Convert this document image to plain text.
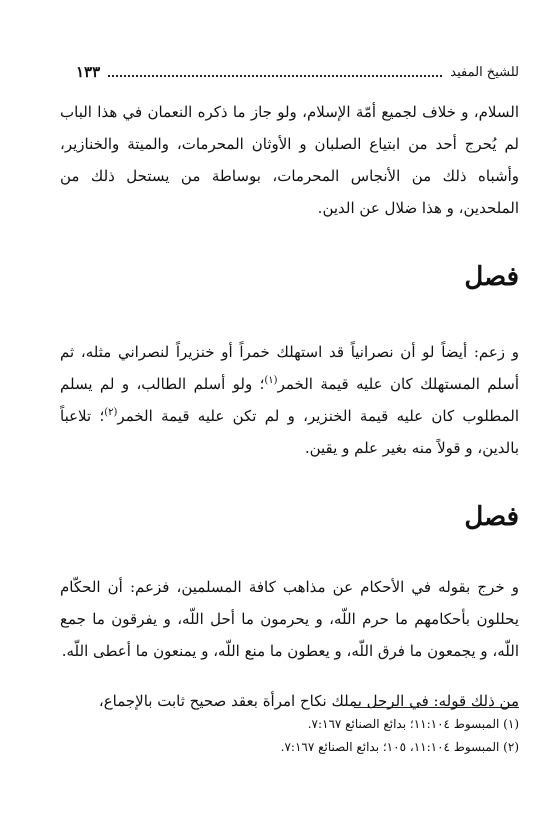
للشيخ المفيد
١٣٣

السلام، و خلاف لجميع أمّة الإسلام، ولو جاز ما ذكره النعمان في هذا الباب لم يُحرج أحد من ابتياع الصلبان و الأوثان المحرمات، والميتة والخنازير، وأشباه ذلك من الأنجاس المحرمات، بوساطة من يستحل ذلك من الملحدين، و هذا ضلال عن الدين.

فصل

و زعم: أيضاً لو أن نصرانياً قد استهلك خمراً أو خنزيراً لنصراني مثله، ثم أسلم المستهلك كان عليه قيمة الخمر$^{(١)}$؛ ولو أسلم الطالب، و لم يسلم المطلوب كان عليه قيمة الخنزير، و لم تكن عليه قيمة الخمر$^{(٢)}$؛ تلاعباً بالدين، و قولاً منه بغير علم و يقين.

فصل

و خرج بقوله في الأحكام عن مذاهب كافة المسلمين، فزعم: أن الحكّام يحللون بأحكامهم ما حرم اللّه، و يحرمون ما أحل اللّه، و يفرقون ما جمع اللّه، و يجمعون ما فرق اللّه، و يعطون ما منع اللّه، و يمنعون ما أعطى اللّه.

من ذلك قوله: في الرجل يملك نكاح امرأة بعقد صحيح ثابت بالإجماع،

(١) المبسوط ١١:١٠٤؛ بدائع الصنائع ٧:١٦٧.
(٢) المبسوط ١١:١٠٤، ١٠٥؛ بدائع الصنائع ٧:١٦٧.
